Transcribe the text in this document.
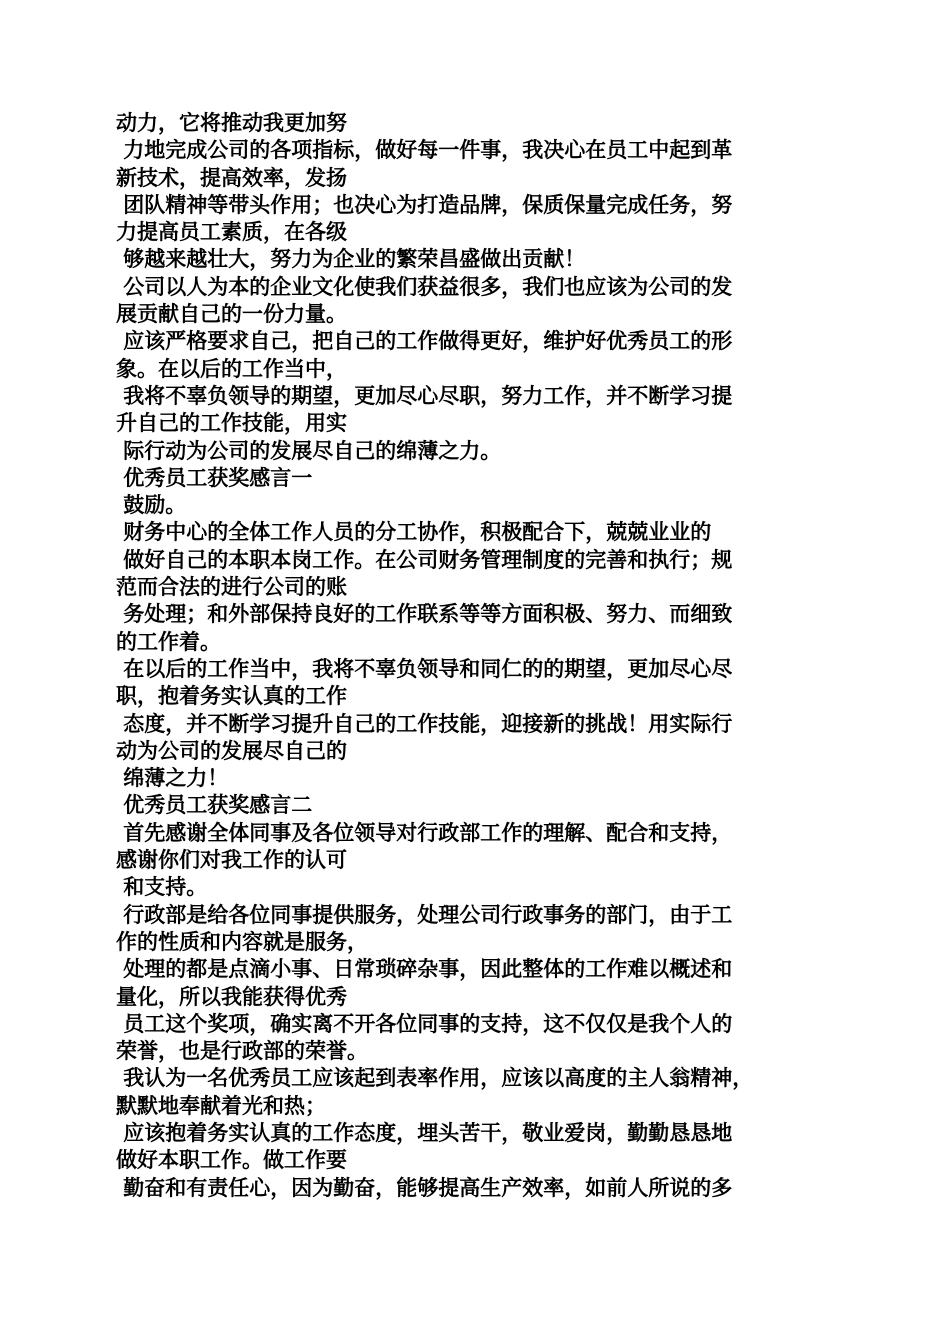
动力，它将推动我更加努
力地完成公司的各项指标，做好每一件事，我决心在员工中起到革
新技术，提高效率，发扬
团队精神等带头作用；也决心为打造品牌，保质保量完成任务，努
力提高员工素质，在各级
够越来越壮大，努力为企业的繁荣昌盛做出贡献！
公司以人为本的企业文化使我们获益很多，我们也应该为公司的发
展贡献自己的一份力量。
应该严格要求自己，把自己的工作做得更好，维护好优秀员工的形
象。在以后的工作当中，
我将不辜负领导的期望，更加尽心尽职，努力工作，并不断学习提
升自己的工作技能，用实
际行动为公司的发展尽自己的绵薄之力。
优秀员工获奖感言一
鼓励。
财务中心的全体工作人员的分工协作，积极配合下，兢兢业业的
做好自己的本职本岗工作。在公司财务管理制度的完善和执行；规
范而合法的进行公司的账
务处理；和外部保持良好的工作联系等等方面积极、努力、而细致
的工作着。
在以后的工作当中，我将不辜负领导和同仁的的期望，更加尽心尽
职，抱着务实认真的工作
态度，并不断学习提升自己的工作技能，迎接新的挑战！用实际行
动为公司的发展尽自己的
绵薄之力！
优秀员工获奖感言二
首先感谢全体同事及各位领导对行政部工作的理解、配合和支持，
感谢你们对我工作的认可
和支持。
行政部是给各位同事提供服务，处理公司行政事务的部门，由于工
作的性质和内容就是服务，
处理的都是点滴小事、日常琐碎杂事，因此整体的工作难以概述和
量化，所以我能获得优秀
员工这个奖项，确实离不开各位同事的支持，这不仅仅是我个人的
荣誉，也是行政部的荣誉。
我认为一名优秀员工应该起到表率作用，应该以高度的主人翁精神，
默默地奉献着光和热；
应该抱着务实认真的工作态度，埋头苦干，敬业爱岗，勤勤恳恳地
做好本职工作。做工作要
勤奋和有责任心，因为勤奋，能够提高生产效率，如前人所说的多
